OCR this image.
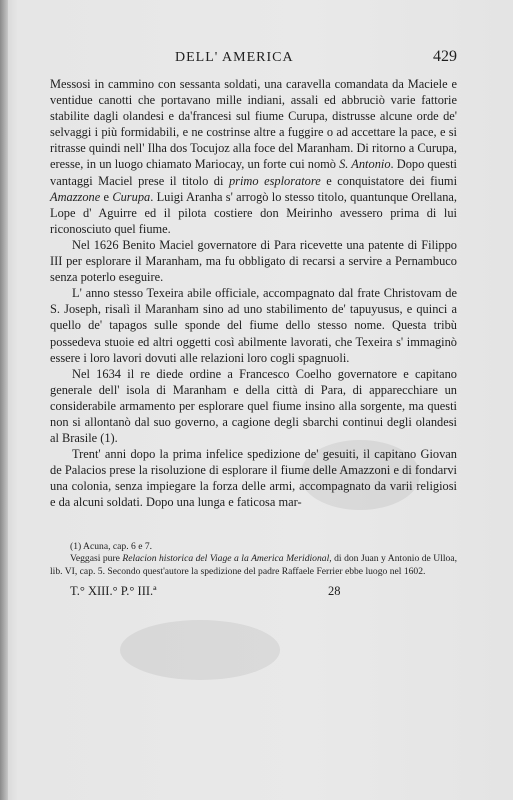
DELL' AMERICA	429

Messosi in cammino con sessanta soldati, una caravella comandata da Maciele e ventidue canotti che portavano mille indiani, assali ed abbruciò varie fattorie stabilite dagli olandesi e da'francesi sul fiume Curupa, distrusse alcune orde de' selvaggi i più formidabili, e ne costrinse altre a fuggire o ad accettare la pace, e si ritrasse quindi nell' Ilha dos Tocujoz alla foce del Maranham. Di ritorno a Curupa, eresse, in un luogo chiamato Mariocay, un forte cui nomò S. Antonio. Dopo questi vantaggi Maciel prese il titolo di primo esploratore e conquistatore dei fiumi Amazzone e Curupa. Luigi Aranha s' arrogò lo stesso titolo, quantunque Orellana, Lope d' Aguirre ed il pilota costiere don Meirinho avessero prima di lui riconosciuto quel fiume.

Nel 1626 Benito Maciel governatore di Para ricevette una patente di Filippo III per esplorare il Maranham, ma fu obbligato di recarsi a servire a Pernambuco senza poterlo eseguire.

L' anno stesso Texeira abile officiale, accompagnato dal frate Christovam de S. Joseph, risalì il Maranham sino ad uno stabilimento de' tapuyusus, e quinci a quello de' tapagos sulle sponde del fiume dello stesso nome. Questa tribù possedeva stuoie ed altri oggetti così abilmente lavorati, che Texeira s' immaginò essere i loro lavori dovuti alle relazioni loro cogli spagnuoli.

Nel 1634 il re diede ordine a Francesco Coelho governatore e capitano generale dell' isola di Maranham e della città di Para, di apparecchiare un considerabile armamento per esplorare quel fiume insino alla sorgente, ma questi non si allontanò dal suo governo, a cagione degli sbarchi continui degli olandesi al Brasile (1).

Trent' anni dopo la prima infelice spedizione de' gesuiti, il capitano Giovan de Palacios prese la risoluzione di esplorare il fiume delle Amazzoni e di fondarvi una colonia, senza impiegare la forza delle armi, accompagnato da varii religiosi e da alcuni soldati. Dopo una lunga e faticosa mar-

(1) Acuna, cap. 6 e 7.

Veggasi pure Relacion historica del Viage a la America Meridional, di don Juan y Antonio de Ulloa, lib. VI, cap. 5. Secondo quest'autore la spedizione del padre Raffaele Ferrier ebbe luogo nel 1602.

T.° XIII.° P.° III.ª	28
